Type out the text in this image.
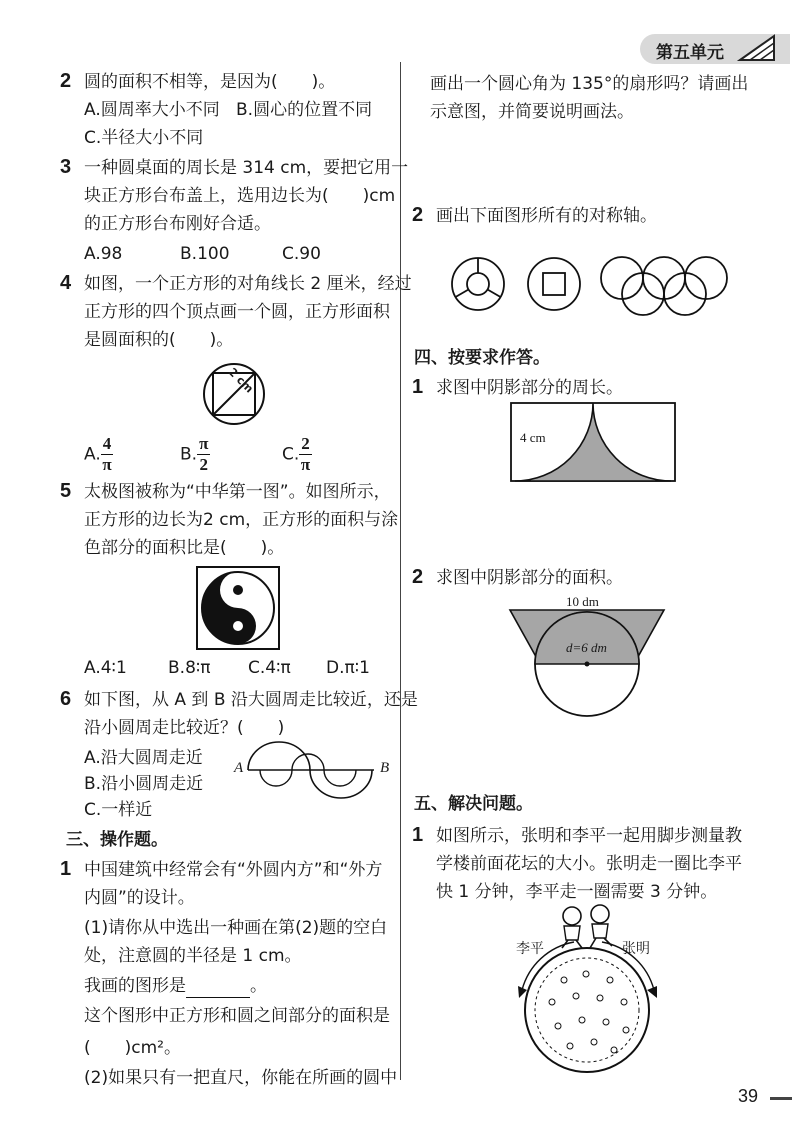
第五单元
2 圆的面积不相等，是因为(　　)。
A.圆周率大小不同 B.圆心的位置不同
C.半径大小不同
3 一种圆桌面的周长是 314 cm，要把它用一
块正方形台布盖上，选用边长为(　　)cm
的正方形台布刚好合适。
A.98	B.100	C.90
4 如图，一个正方形的对角线长 2 厘米，经过
正方形的四个顶点画一个圆，正方形面积
是圆面积的(　　)。
2 cm
A. $\frac{4}{\pi}$	B. $\frac{\pi}{2}$	C. $\frac{2}{\pi}$
5 太极图被称为“中华第一图”。如图所示，
正方形的边长为2 cm，正方形的面积与涂
色部分的面积比是(　　)。
A.4∶1 B.8∶π C.4∶π D.π∶1
6 如下图，从 A 到 B 沿大圆周走比较近，还是
沿小圆周走比较近？(　　)
A.沿大圆周走近
B.沿小圆周走近
C.一样近
A	B
三、操作题。
1 中国建筑中经常会有“外圆内方”和“外方
内圆”的设计。
(1)请你从中选出一种画在第(2)题的空白
处，注意圆的半径是 1 cm。
我画的图形是	。
这个图形中正方形和圆之间部分的面积是
(　　)cm²。
(2)如果只有一把直尺，你能在所画的圆中
画出一个圆心角为 135°的扇形吗？请画出
示意图，并简要说明画法。
2 画出下面图形所有的对称轴。
四、按要求作答。
1 求图中阴影部分的周长。
4 cm
2 求图中阴影部分的面积。
10 dm
d=6 dm
五、解决问题。
1 如图所示，张明和李平一起用脚步测量教
学楼前面花坛的大小。张明走一圈比李平
快 1 分钟，李平走一圈需要 3 分钟。
李平	张明
39
